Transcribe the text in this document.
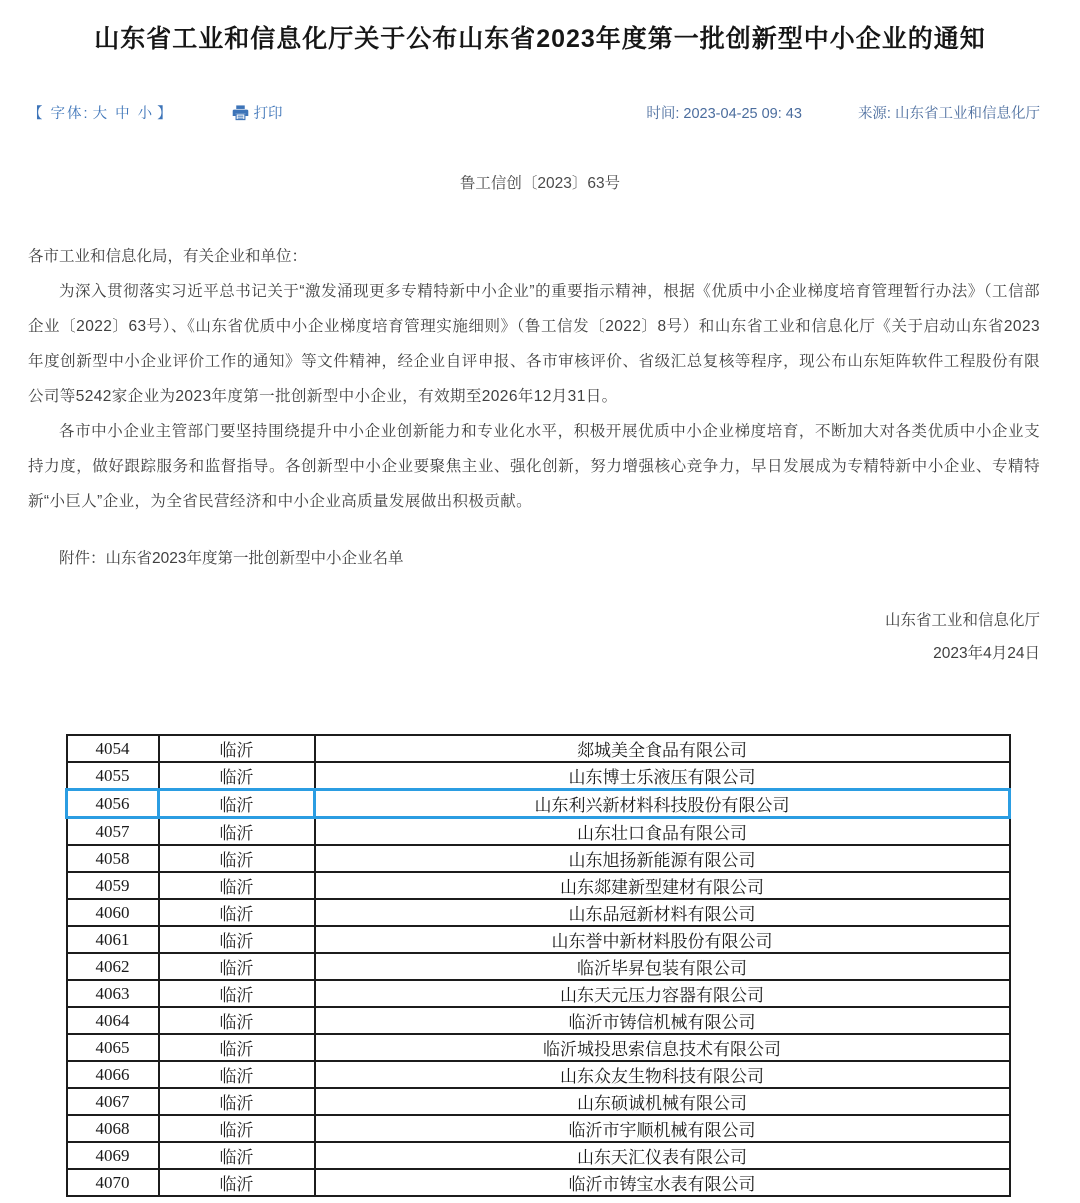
山东省工业和信息化厅关于公布山东省2023年度第一批创新型中小企业的通知
【 字体: 大 中 小 】	打印	时间: 2023-04-25 09: 43	来源: 山东省工业和信息化厅

鲁工信创〔2023〕63号

各市工业和信息化局，有关企业和单位：

为深入贯彻落实习近平总书记关于“激发涌现更多专精特新中小企业”的重要指示精神，根据《优质中小企业梯度培育管理暂行办法》（工信部企业〔2022〕63号）、《山东省优质中小企业梯度培育管理实施细则》（鲁工信发〔2022〕8号）和山东省工业和信息化厅《关于启动山东省2023年度创新型中小企业评价工作的通知》等文件精神，经企业自评申报、各市审核评价、省级汇总复核等程序，现公布山东矩阵软件工程股份有限公司等5242家企业为2023年度第一批创新型中小企业，有效期至2026年12月31日。

各市中小企业主管部门要坚持围绕提升中小企业创新能力和专业化水平，积极开展优质中小企业梯度培育，不断加大对各类优质中小企业支持力度，做好跟踪服务和监督指导。各创新型中小企业要聚焦主业、强化创新，努力增强核心竞争力，早日发展成为专精特新中小企业、专精特新“小巨人”企业，为全省民营经济和中小企业高质量发展做出积极贡献。

附件：山东省2023年度第一批创新型中小企业名单

山东省工业和信息化厅

2023年4月24日

4054	临沂	郯城美全食品有限公司
4055	临沂	山东博士乐液压有限公司
4056	临沂	山东利兴新材料科技股份有限公司
4057	临沂	山东壮口食品有限公司
4058	临沂	山东旭扬新能源有限公司
4059	临沂	山东郯建新型建材有限公司
4060	临沂	山东品冠新材料有限公司
4061	临沂	山东誉中新材料股份有限公司
4062	临沂	临沂毕昇包装有限公司
4063	临沂	山东天元压力容器有限公司
4064	临沂	临沂市铸信机械有限公司
4065	临沂	临沂城投思索信息技术有限公司
4066	临沂	山东众友生物科技有限公司
4067	临沂	山东硕诚机械有限公司
4068	临沂	临沂市宇顺机械有限公司
4069	临沂	山东天汇仪表有限公司
4070	临沂	临沂市铸宝水表有限公司
